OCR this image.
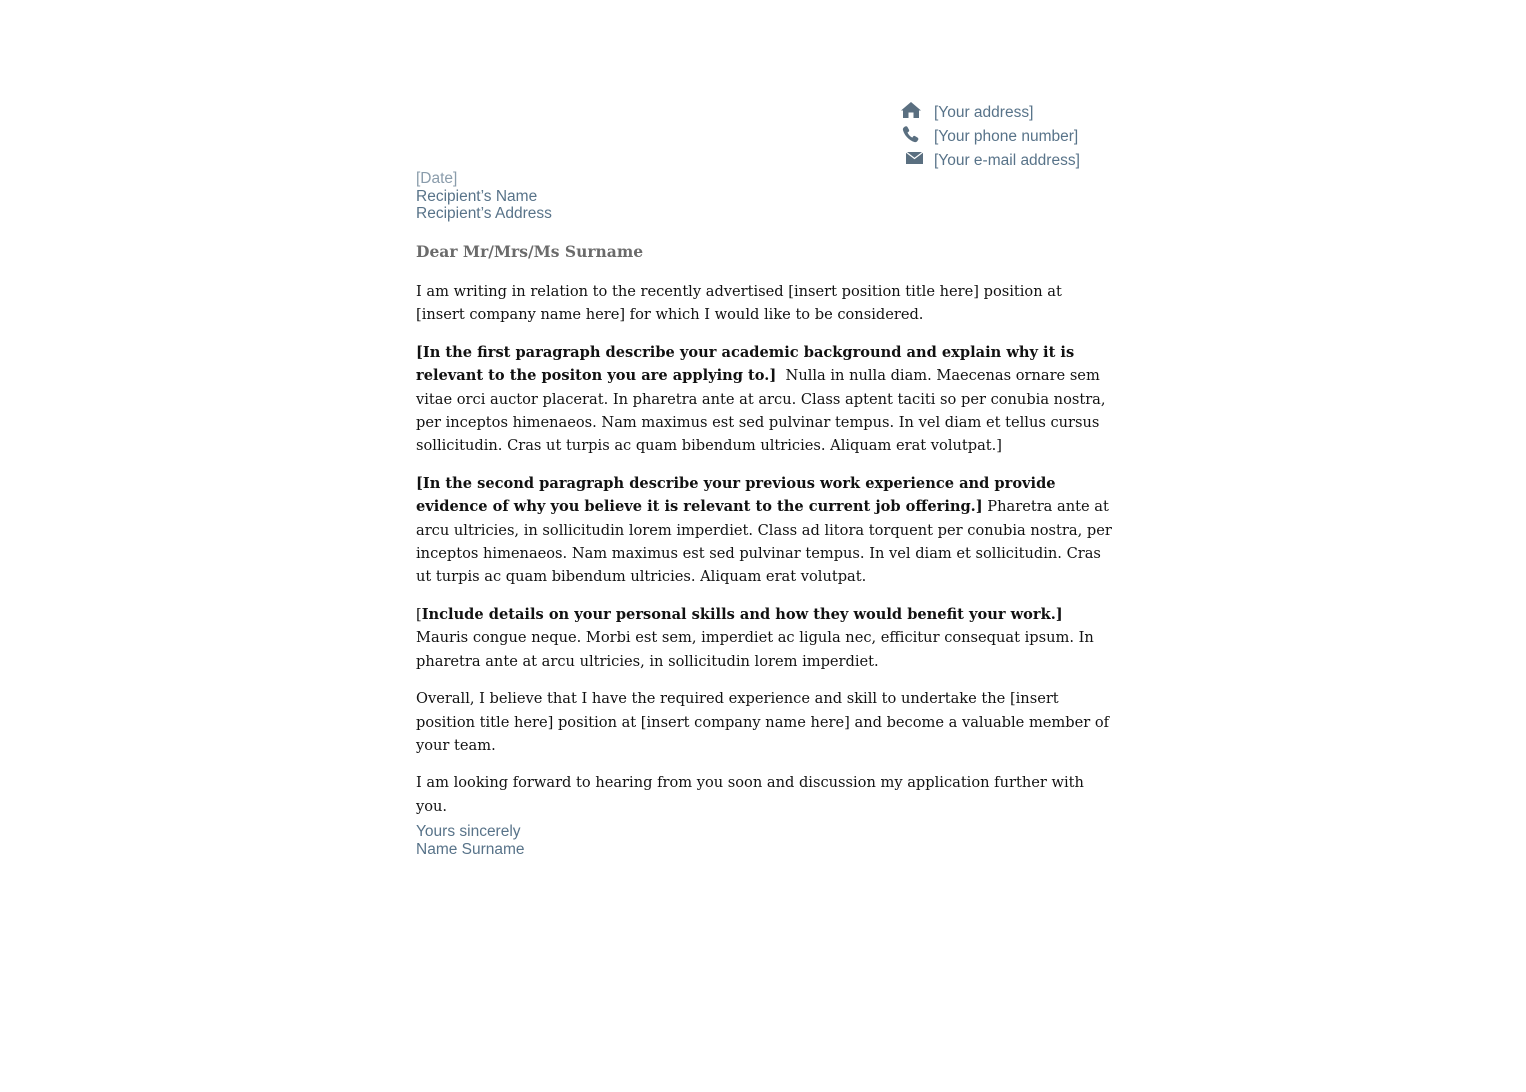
[Your address]
[Your phone number]
[Your e-mail address]
[Date]
Recipient’s Name
Recipient’s Address
Dear Mr/Mrs/Ms Surname

I am writing in relation to the recently advertised [insert position title here] position at [insert company name here] for which I would like to be considered.

[In the first paragraph describe your academic background and explain why it is relevant to the positon you are applying to.]  Nulla in nulla diam. Maecenas ornare sem vitae orci auctor placerat. In pharetra ante at arcu. Class aptent taciti so per conubia nostra, per inceptos himenaeos. Nam maximus est sed pulvinar tempus. In vel diam et tellus cursus sollicitudin. Cras ut turpis ac quam bibendum ultricies. Aliquam erat volutpat.]

[In the second paragraph describe your previous work experience and provide evidence of why you believe it is relevant to the current job offering.] Pharetra ante at arcu ultricies, in sollicitudin lorem imperdiet. Class ad litora torquent per conubia nostra, per inceptos himenaeos. Nam maximus est sed pulvinar tempus. In vel diam et sollicitudin. Cras ut turpis ac quam bibendum ultricies. Aliquam erat volutpat.

[Include details on your personal skills and how they would benefit your work.] Mauris congue neque. Morbi est sem, imperdiet ac ligula nec, efficitur consequat ipsum. In pharetra ante at arcu ultricies, in sollicitudin lorem imperdiet.

Overall, I believe that I have the required experience and skill to undertake the [insert position title here] position at [insert company name here] and become a valuable member of your team.

I am looking forward to hearing from you soon and discussion my application further with you.

Yours sincerely
Name Surname
